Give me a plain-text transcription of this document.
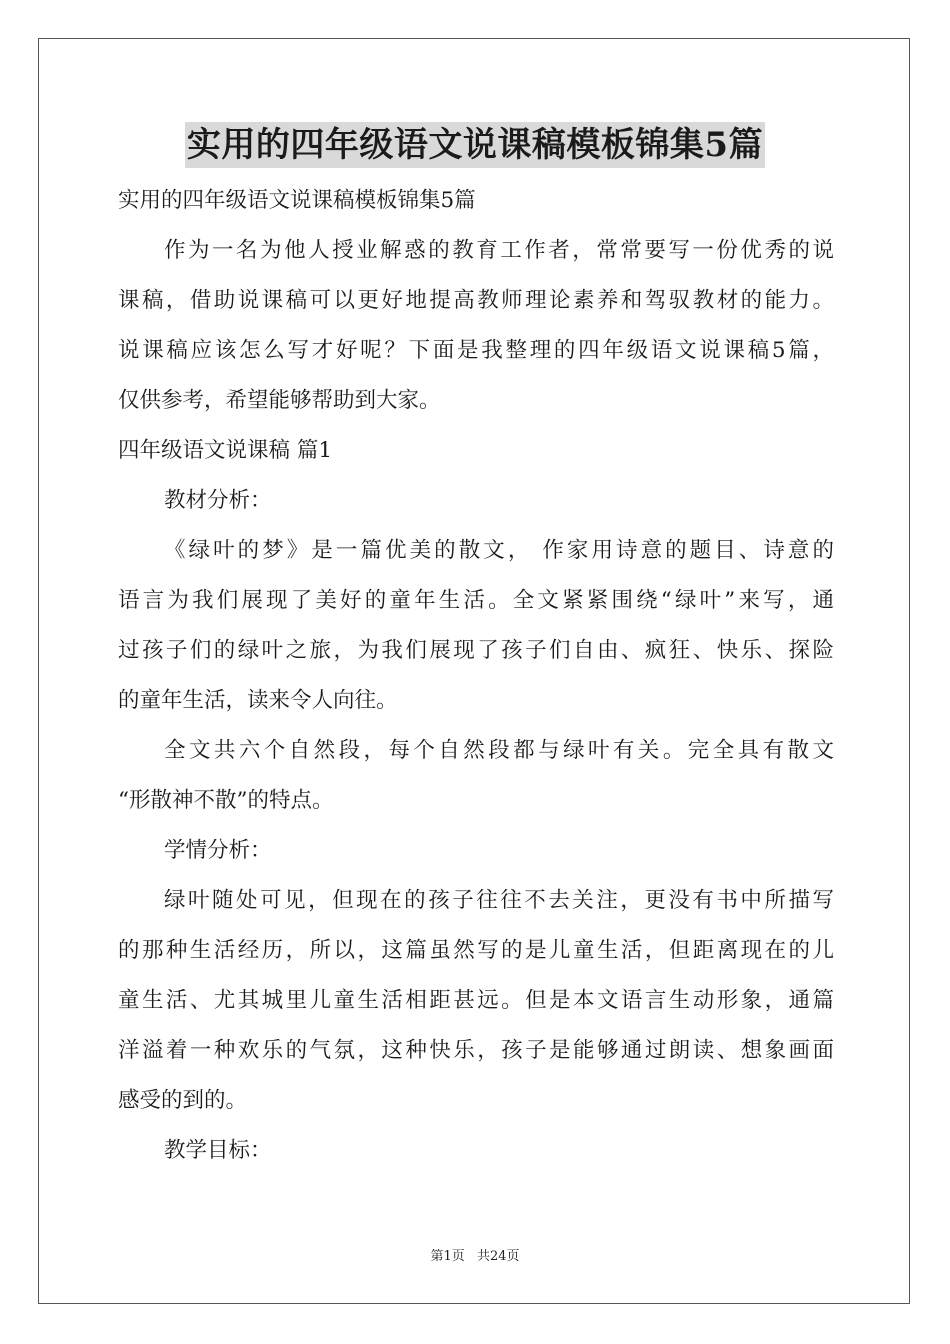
实用的四年级语文说课稿模板锦集5篇

实用的四年级语文说课稿模板锦集5篇

作为一名为他人授业解惑的教育工作者，常常要写一份优秀的说

课稿，借助说课稿可以更好地提高教师理论素养和驾驭教材的能力。

说课稿应该怎么写才好呢？下面是我整理的四年级语文说课稿5篇，

仅供参考，希望能够帮助到大家。

四年级语文说课稿 篇1

教材分析：

《绿叶的梦》是一篇优美的散文， 作家用诗意的题目、诗意的

语言为我们展现了美好的童年生活。全文紧紧围绕“绿叶”来写，通

过孩子们的绿叶之旅，为我们展现了孩子们自由、疯狂、快乐、探险

的童年生活，读来令人向往。

全文共六个自然段，每个自然段都与绿叶有关。完全具有散文

“形散神不散”的特点。

学情分析：

绿叶随处可见，但现在的孩子往往不去关注，更没有书中所描写

的那种生活经历，所以，这篇虽然写的是儿童生活，但距离现在的儿

童生活、尤其城里儿童生活相距甚远。但是本文语言生动形象，通篇

洋溢着一种欢乐的气氛，这种快乐，孩子是能够通过朗读、想象画面

感受的到的。

教学目标：

第1页 共24页
